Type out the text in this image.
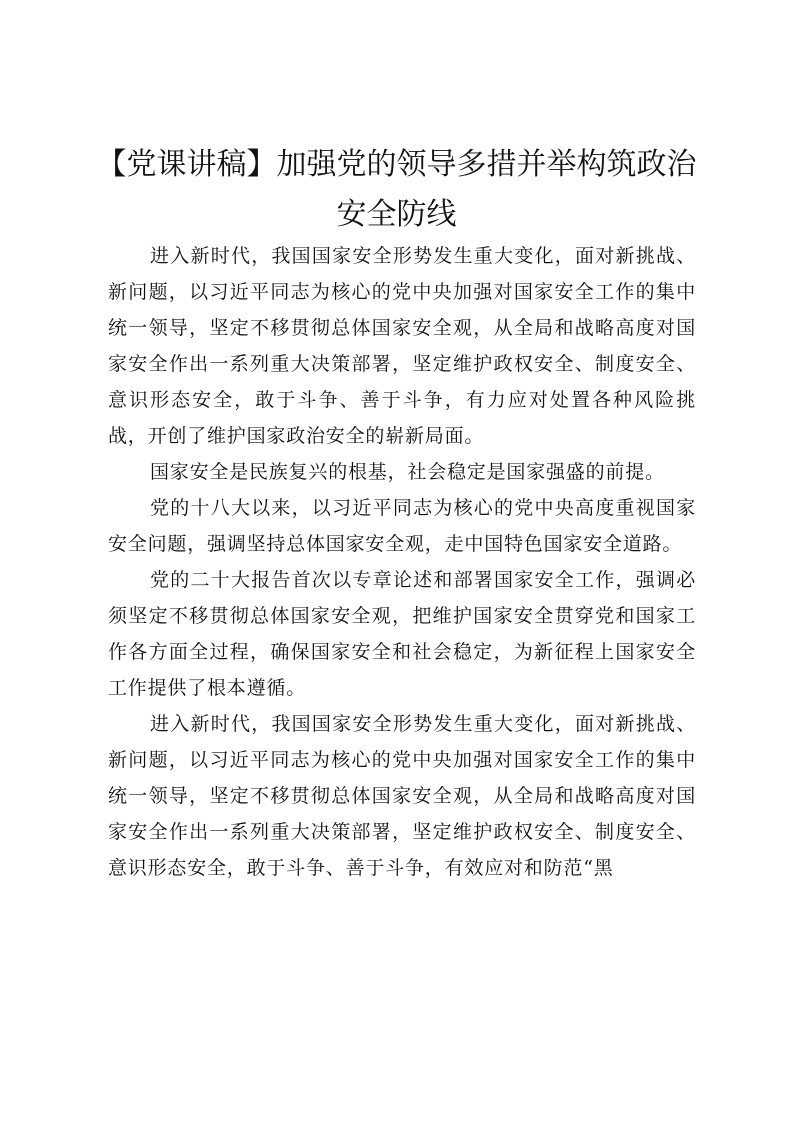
【党课讲稿】加强党的领导多措并举构筑政治安全防线

进入新时代，我国国家安全形势发生重大变化，面对新挑战、新问题，以习近平同志为核心的党中央加强对国家安全工作的集中统一领导，坚定不移贯彻总体国家安全观，从全局和战略高度对国家安全作出一系列重大决策部署，坚定维护政权安全、制度安全、意识形态安全，敢于斗争、善于斗争，有力应对处置各种风险挑战，开创了维护国家政治安全的崭新局面。

国家安全是民族复兴的根基，社会稳定是国家强盛的前提。

党的十八大以来，以习近平同志为核心的党中央高度重视国家安全问题，强调坚持总体国家安全观，走中国特色国家安全道路。

党的二十大报告首次以专章论述和部署国家安全工作，强调必须坚定不移贯彻总体国家安全观，把维护国家安全贯穿党和国家工作各方面全过程，确保国家安全和社会稳定，为新征程上国家安全工作提供了根本遵循。

进入新时代，我国国家安全形势发生重大变化，面对新挑战、新问题，以习近平同志为核心的党中央加强对国家安全工作的集中统一领导，坚定不移贯彻总体国家安全观，从全局和战略高度对国家安全作出一系列重大决策部署，坚定维护政权安全、制度安全、意识形态安全，敢于斗争、善于斗争，有效应对和防范“黑
